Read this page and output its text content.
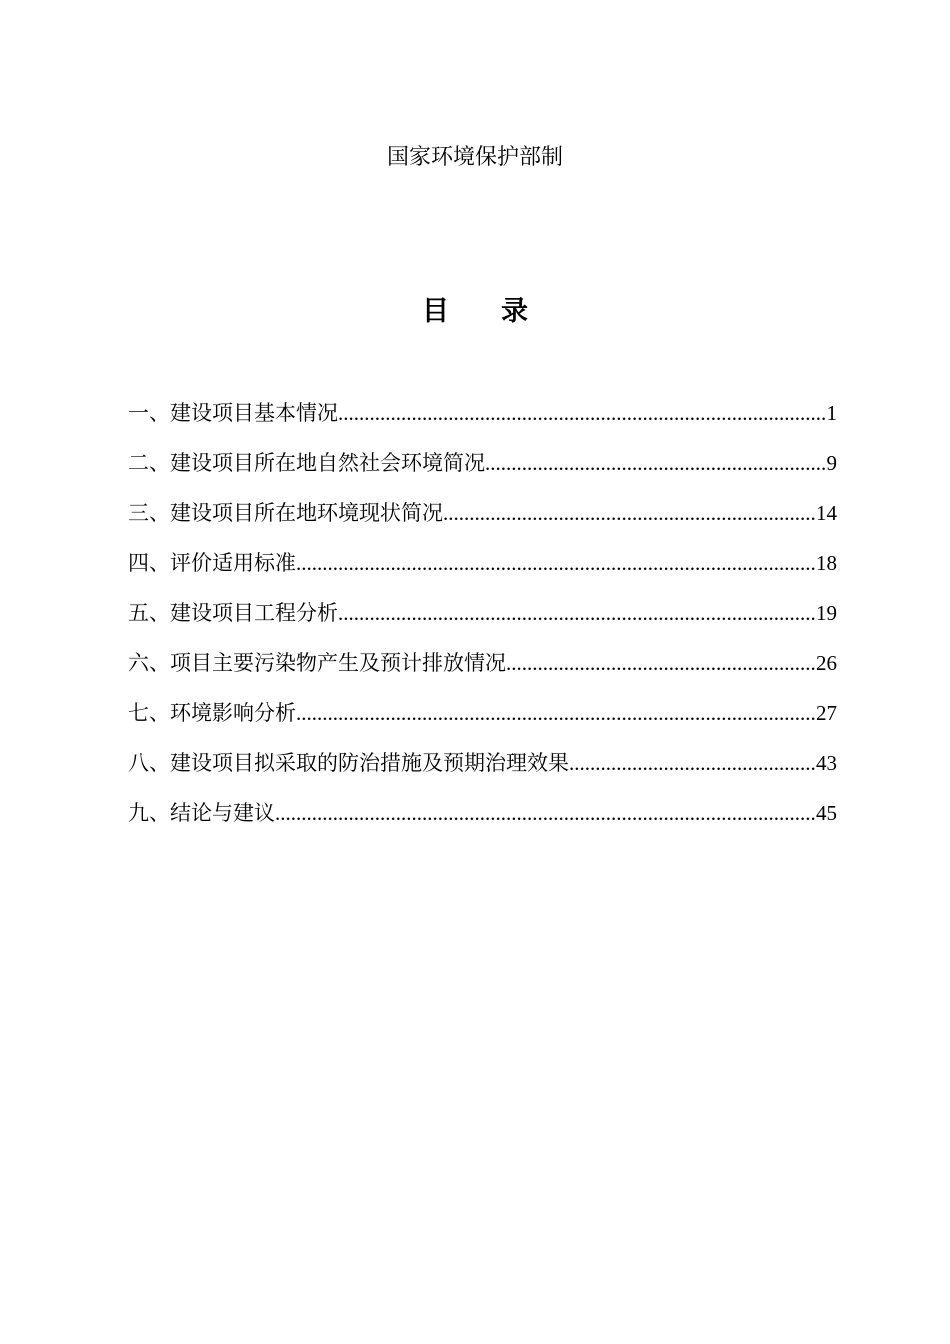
国家环境保护部制
目 录
一、建设项目基本情况 .....	1
二、建设项目所在地自然社会环境简况 .....	9
三、建设项目所在地环境现状简况 .....	14
四、评价适用标准 .....	18
五、建设项目工程分析 .....	19
六、项目主要污染物产生及预计排放情况 .....	26
七、环境影响分析 .....	27
八、建设项目拟采取的防治措施及预期治理效果 .....	43
九、结论与建议 .....	45
